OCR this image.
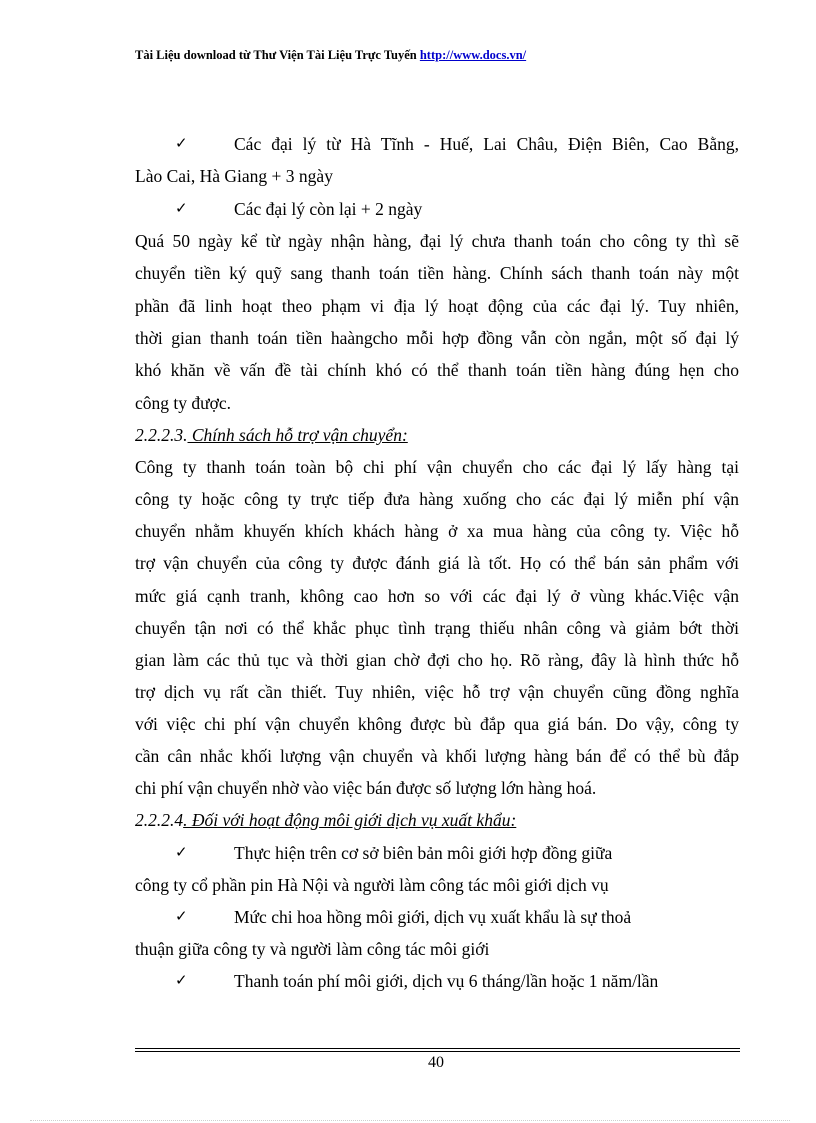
Tài Liệu download từ Thư Viện Tài Liệu Trực Tuyến http://www.docs.vn/
✓	Các đại lý từ Hà Tĩnh - Huế, Lai Châu, Điện Biên, Cao Bằng,
Lào Cai, Hà Giang + 3 ngày
✓	Các đại lý còn lại + 2 ngày
Quá 50 ngày kể từ ngày nhận hàng, đại lý chưa thanh toán cho công ty thì sẽ
chuyển tiền ký quỹ sang thanh toán tiền hàng. Chính sách thanh toán này một
phần đã linh hoạt theo phạm vi địa lý hoạt động của các đại lý. Tuy nhiên,
thời gian thanh toán tiền haàngcho mỗi hợp đồng vẫn còn ngắn, một số đại lý
khó khăn về vấn đề tài chính khó có thể thanh toán tiền hàng đúng hẹn cho
công ty được.
2.2.2.3. Chính sách hỗ trợ vận chuyển:
Công ty thanh toán toàn bộ chi phí vận chuyển cho các đại lý lấy hàng tại
công ty hoặc công ty trực tiếp đưa hàng xuống cho các đại lý miễn phí vận
chuyển nhằm khuyến khích khách hàng ở xa mua hàng của công ty. Việc hỗ
trợ vận chuyển của công ty được đánh giá là tốt. Họ có thể bán sản phẩm với
mức giá cạnh tranh, không cao hơn so với các đại lý ở vùng khác.Việc vận
chuyển tận nơi có thể khắc phục tình trạng thiếu nhân công và giảm bớt thời
gian làm các thủ tục và thời gian chờ đợi cho họ. Rõ ràng, đây là hình thức hỗ
trợ dịch vụ rất cần thiết. Tuy nhiên, việc hỗ trợ vận chuyển cũng đồng nghĩa
với việc chi phí vận chuyển không được bù đắp qua giá bán. Do vậy, công ty
cần cân nhắc khối lượng vận chuyển và khối lượng hàng bán để có thể bù đắp
chi phí vận chuyển nhờ vào việc bán được số lượng lớn hàng hoá.
2.2.2.4. Đối với hoạt động môi giới dịch vụ xuất khẩu:
✓	Thực hiện trên cơ sở biên bản môi giới hợp đồng giữa
công ty cổ phần pin Hà Nội và người làm công tác môi giới dịch vụ
✓	Mức chi hoa hồng môi giới, dịch vụ xuất khẩu là sự thoả
thuận giữa công ty và người làm công tác môi giới
✓	Thanh toán phí môi giới, dịch vụ 6 tháng/lần hoặc 1 năm/lần
40
